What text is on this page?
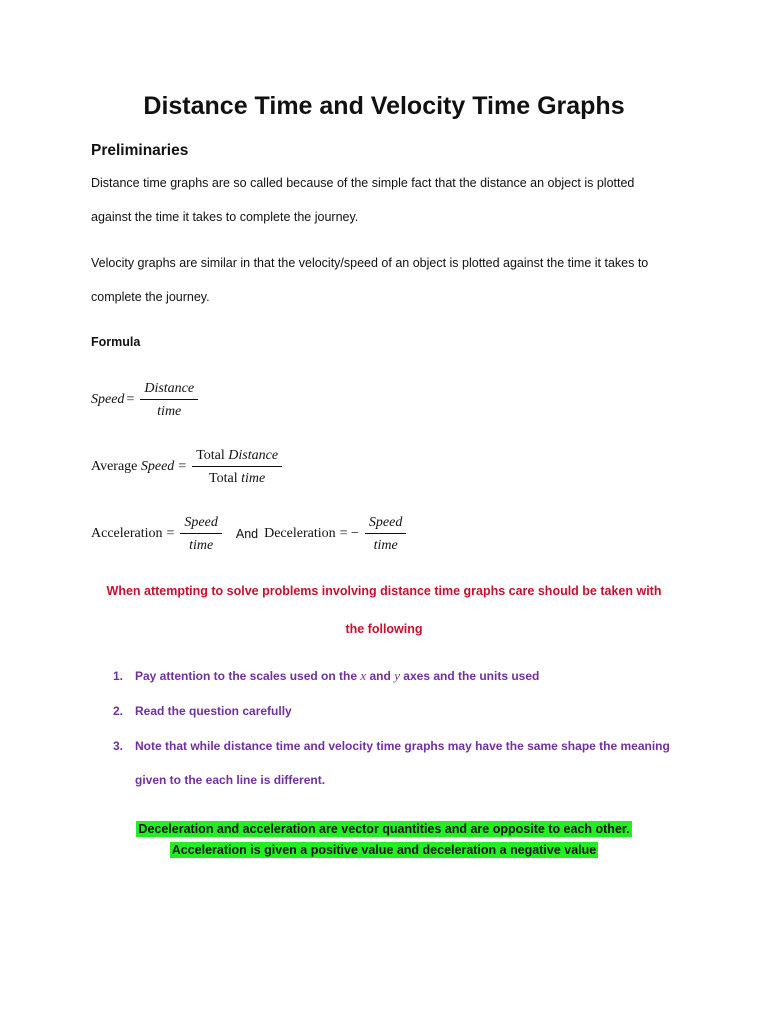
Distance Time and Velocity Time Graphs
Preliminaries

Distance time graphs are so called because of the simple fact that the distance an object is plotted

against the time it takes to complete the journey.

Velocity graphs are similar in that the velocity/speed of an object is plotted against the time it takes to

complete the journey.

Formula

Speed = $\frac{\text{Distance}}{\text{time}}$
Average Speed = $\frac{\text{Total Distance}}{\text{Total time}}$
Acceleration = $\frac{\text{Speed}}{\text{time}}$ And Deceleration = − $\frac{\text{Speed}}{\text{time}}$

When attempting to solve problems involving distance time graphs care should be taken with

the following

1. Pay attention to the scales used on the x and y axes and the units used

2. Read the question carefully

3. Note that while distance time and velocity time graphs may have the same shape the meaning

given to the each line is different.

Deceleration and acceleration are vector quantities and are opposite to each other.

Acceleration is given a positive value and deceleration a negative value
